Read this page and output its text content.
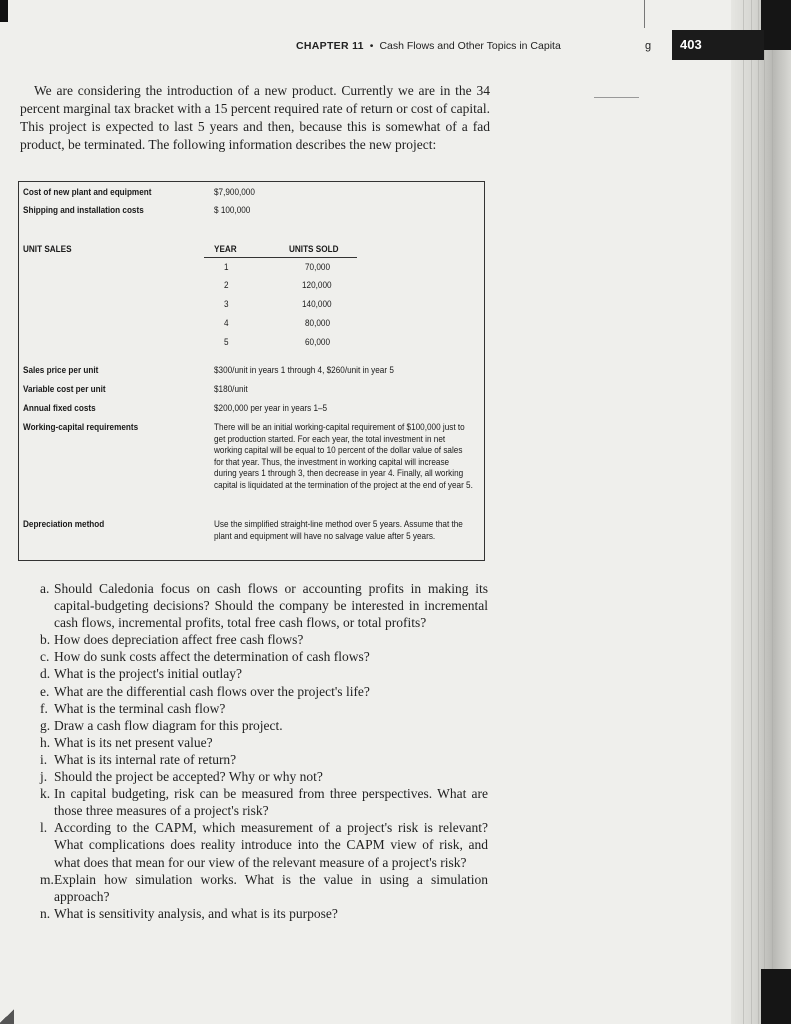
CHAPTER 11 • Cash Flows and Other Topics in Capita	g	403

We are considering the introduction of a new product. Currently we are in the 34 percent marginal tax bracket with a 15 percent required rate of return or cost of capital. This project is expected to last 5 years and then, because this is somewhat of a fad product, be terminated. The following information describes the new project:

Cost of new plant and equipment	$7,900,000
Shipping and installation costs	$ 100,000
UNIT SALES	YEAR	UNITS SOLD
1	70,000
2	120,000
3	140,000
4	80,000
5	60,000
Sales price per unit	$300/unit in years 1 through 4, $260/unit in year 5
Variable cost per unit	$180/unit
Annual fixed costs	$200,000 per year in years 1–5
Working-capital requirements	There will be an initial working-capital requirement of $100,000 just to get production started. For each year, the total investment in net working capital will be equal to 10 percent of the dollar value of sales for that year. Thus, the investment in working capital will increase during years 1 through 3, then decrease in year 4. Finally, all working capital is liquidated at the termination of the project at the end of year 5.
Depreciation method	Use the simplified straight-line method over 5 years. Assume that the plant and equipment will have no salvage value after 5 years.
a. Should Caledonia focus on cash flows or accounting profits in making its capital-budgeting decisions? Should the company be interested in incremental cash flows, incremental profits, total free cash flows, or total profits?
b. How does depreciation affect free cash flows?
c. How do sunk costs affect the determination of cash flows?
d. What is the project's initial outlay?
e. What are the differential cash flows over the project's life?
f. What is the terminal cash flow?
g. Draw a cash flow diagram for this project.
h. What is its net present value?
i. What is its internal rate of return?
j. Should the project be accepted? Why or why not?
k. In capital budgeting, risk can be measured from three perspectives. What are those three measures of a project's risk?
l. According to the CAPM, which measurement of a project's risk is relevant? What complications does reality introduce into the CAPM view of risk, and what does that mean for our view of the relevant measure of a project's risk?
m. Explain how simulation works. What is the value in using a simulation approach?
n. What is sensitivity analysis, and what is its purpose?
